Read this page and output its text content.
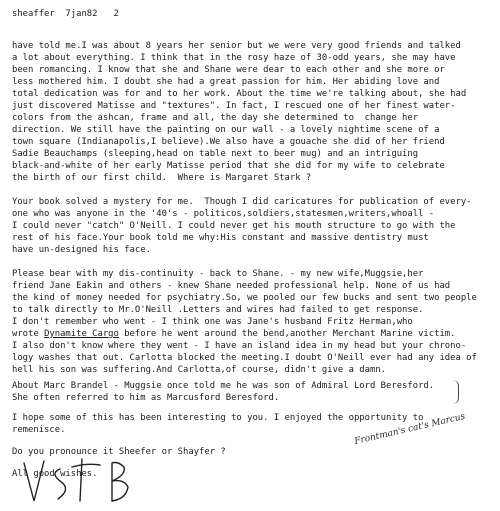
sheaffer  7jan82   2
have told me.I was about 8 years her senior but we were very good friends and talked
a lot about everything. I think that in the rosy haze of 30-odd years, she may have
been romancing. I know that she and Shane were dear to each other and she more or
less mothered him. I doubt she had a great passion for him. Her abiding love and
total dedication was for and to her work. About the time we're talking about, she had
just discovered Matisse and "textures". In fact, I rescued one of her finest water-
colors from the ashcan, frame and all, the day she determined to  change her
direction. We still have the painting on our wall - a lovely nightime scene of a
town square (Indianapolis,I believe).We also have a gouache she did of her friend
Sadie Beauchamps (sleeping,head on table next to beer mug) and an intriguing
black-and-white of her early Matisse period that she did for my wife to celebrate
the birth of our first child.  Where is Margaret Stark ?
Your book solved a mystery for me.  Though I did caricatures for publication of every-
one who was anyone in the '40's - politicos,soldiers,statesmen,writers,whoall -
I could never "catch" O'Neill. I could never get his mouth structure to go with the
rest of his face.Your book told me why:His constant and massive dentistry must
have un-designed his face.
Please bear with my dis-continuity - back to Shane. - my new wife,Muggsie,her
friend Jane Eakin and others - knew Shane needed professional help. None of us had
the kind of money needed for psychiatry.So, we pooled our few bucks and sent two people
to talk directly to Mr.O'Neill .Letters and wires had failed to get response.
I don't remember who went - I think one was Jane's husband Fritz Herman,who
wrote Dynamite Cargo before he went around the bend,another Merchant Marine victim.
I also don't know where they went - I have an island idea in my head but your chrono-
logy washes that out. Carlotta blocked the meeting.I doubt O'Neill ever had any idea of
hell his son was suffering.And Carlotta,of course, didn't give a damn.
About Marc Brandel - Muggsie once told me he was son of Admiral Lord Beresford.
She often referred to him as Marcusford Beresford.
I hope some of this has been interesting to you. I enjoyed the opportunity to
remenisce.
Do you pronounce it Sheefer or Shayfer ?
All good wishes.
Frontman's cat's Marcus
